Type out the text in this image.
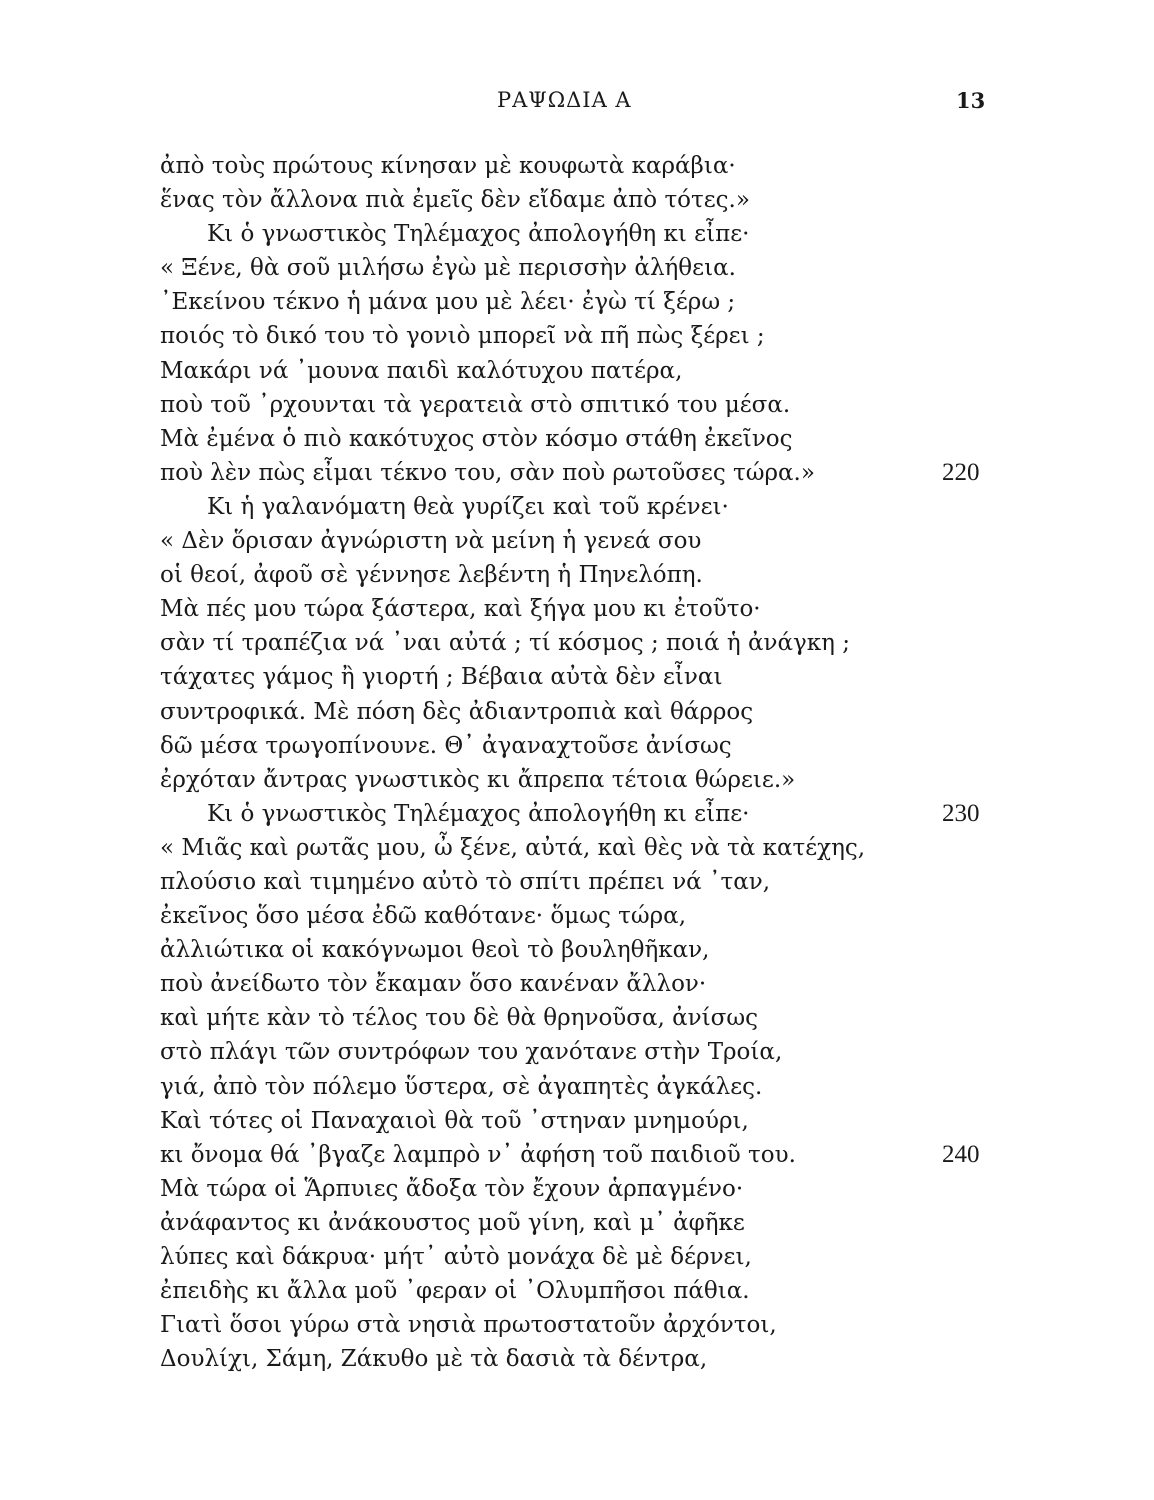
ΡΑΨΩΔΙΑ Α	13
ἀπὸ τοὺς πρώτους κίνησαν μὲ κουφωτὰ καράβια·
ἕνας τὸν ἄλλονα πιὰ ἐμεῖς δὲν εἴδαμε ἀπὸ τότες.»
Κι ὁ γνωστικὸς Τηλέμαχος ἀπολογήθη κι εἶπε·
« Ξένε, θὰ σοῦ μιλήσω ἐγὼ μὲ περισσὴν ἀλήθεια.
᾿Εκείνου τέκνο ἡ μάνα μου μὲ λέει· ἐγὼ τί ξέρω ;
ποιός τὸ δικό του τὸ γονιὸ μπορεῖ νὰ πῆ πὼς ξέρει ;
Μακάρι νά ᾿μουνα παιδὶ καλότυχου πατέρα,
ποὺ τοῦ ᾿ρχουνται τὰ γερατειὰ στὸ σπιτικό του μέσα.
Μὰ ἐμένα ὁ πιὸ κακότυχος στὸν κόσμο στάθη ἐκεῖνος
ποὺ λὲν πὼς εἶμαι τέκνο του, σὰν ποὺ ρωτοῦσες τώρα.»	220
Κι ἡ γαλανόματη θεὰ γυρίζει καὶ τοῦ κρένει·
« Δὲν ὅρισαν ἀγνώριστη νὰ μείνη ἡ γενεά σου
οἱ θεοί, ἀφοῦ σὲ γέννησε λεβέντη ἡ Πηνελόπη.
Μὰ πές μου τώρα ξάστερα, καὶ ξήγα μου κι ἐτοῦτο·
σὰν τί τραπέζια νά ᾿ναι αὐτά ; τί κόσμος ; ποιά ἡ ἀνάγκη ;
τάχατες γάμος ἢ γιορτή ; Βέβαια αὐτὰ δὲν εἶναι
συντροφικά. Μὲ πόση δὲς ἀδιαντροπιὰ καὶ θάρρος
δῶ μέσα τρωγοπίνουνε. Θ᾿ ἀγαναχτοῦσε ἀνίσως
ἐρχόταν ἄντρας γνωστικὸς κι ἄπρεπα τέτοια θώρειε.»
Κι ὁ γνωστικὸς Τηλέμαχος ἀπολογήθη κι εἶπε·	230
« Μιᾶς καὶ ρωτᾶς μου, ὦ ξένε, αὐτά, καὶ θὲς νὰ τὰ κατέχης,
πλούσιο καὶ τιμημένο αὐτὸ τὸ σπίτι πρέπει νά ᾿ταν,
ἐκεῖνος ὅσο μέσα ἐδῶ καθότανε· ὅμως τώρα,
ἀλλιώτικα οἱ κακόγνωμοι θεοὶ τὸ βουληθῆκαν,
ποὺ ἀνείδωτο τὸν ἔκαμαν ὅσο κανέναν ἄλλον·
καὶ μήτε κὰν τὸ τέλος του δὲ θὰ θρηνοῦσα, ἀνίσως
στὸ πλάγι τῶν συντρόφων του χανότανε στὴν Τροία,
γιά, ἀπὸ τὸν πόλεμο ὕστερα, σὲ ἀγαπητὲς ἀγκάλες.
Καὶ τότες οἱ Παναχαιοὶ θὰ τοῦ ᾿στηναν μνημούρι,
κι ὄνομα θά ᾿βγαζε λαμπρὸ ν᾿ ἀφήση τοῦ παιδιοῦ του.	240
Μὰ τώρα οἱ Ἅρπυιες ἄδοξα τὸν ἔχουν ἁρπαγμένο·
ἀνάφαντος κι ἀνάκουστος μοῦ γίνη, καὶ μ᾿ ἀφῆκε
λύπες καὶ δάκρυα· μήτ᾿ αὐτὸ μονάχα δὲ μὲ δέρνει,
ἐπειδὴς κι ἄλλα μοῦ ᾿φεραν οἱ ᾿Ολυμπῆσοι πάθια.
Γιατὶ ὅσοι γύρω στὰ νησιὰ πρωτοστατοῦν ἀρχόντοι,
Δουλίχι, Σάμη, Ζάκυθο μὲ τὰ δασιὰ τὰ δέντρα,
